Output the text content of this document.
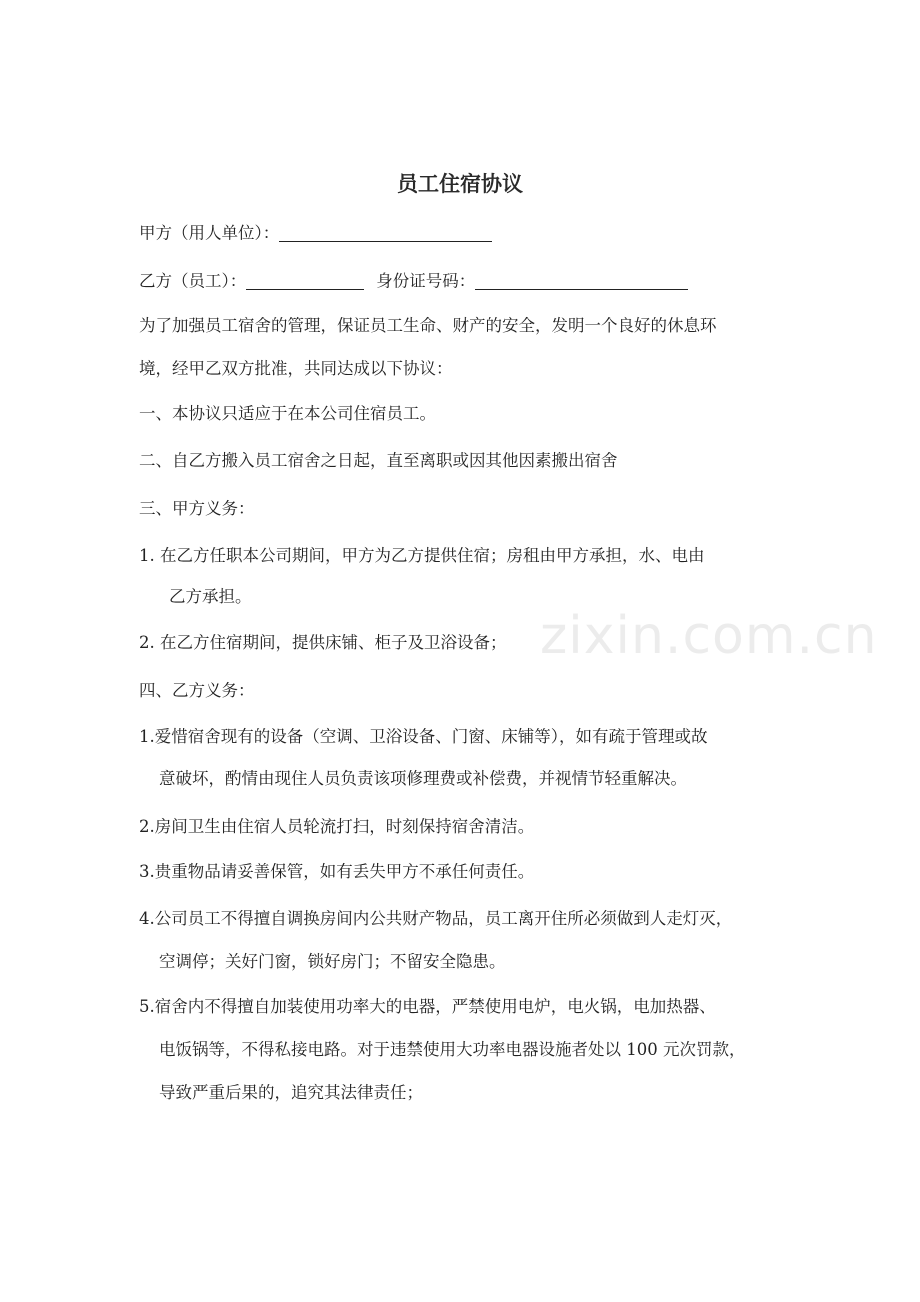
zixin.com.cn
员工住宿协议
甲方（用人单位）：
乙方（员工）：	身份证号码：
为了加强员工宿舍的管理，保证员工生命、财产的安全，发明一个良好的休息环
境，经甲乙双方批准，共同达成以下协议：
一、本协议只适应于在本公司住宿员工。
二、自乙方搬入员工宿舍之日起，直至离职或因其他因素搬出宿舍
三、甲方义务：
1. 在乙方任职本公司期间，甲方为乙方提供住宿；房租由甲方承担，水、电由
乙方承担。
2. 在乙方住宿期间，提供床铺、柜子及卫浴设备；
四、乙方义务：
1.爱惜宿舍现有的设备（空调、卫浴设备、门窗、床铺等），如有疏于管理或故
意破坏，酌情由现住人员负责该项修理费或补偿费，并视情节轻重解决。
2.房间卫生由住宿人员轮流打扫，时刻保持宿舍清洁。
3.贵重物品请妥善保管，如有丢失甲方不承任何责任。
4.公司员工不得擅自调换房间内公共财产物品，员工离开住所必须做到人走灯灭，
空调停；关好门窗，锁好房门；不留安全隐患。
5.宿舍内不得擅自加装使用功率大的电器，严禁使用电炉，电火锅，电加热器、
电饭锅等，不得私接电路。对于违禁使用大功率电器设施者处以 100 元次罚款，
导致严重后果的，追究其法律责任；
